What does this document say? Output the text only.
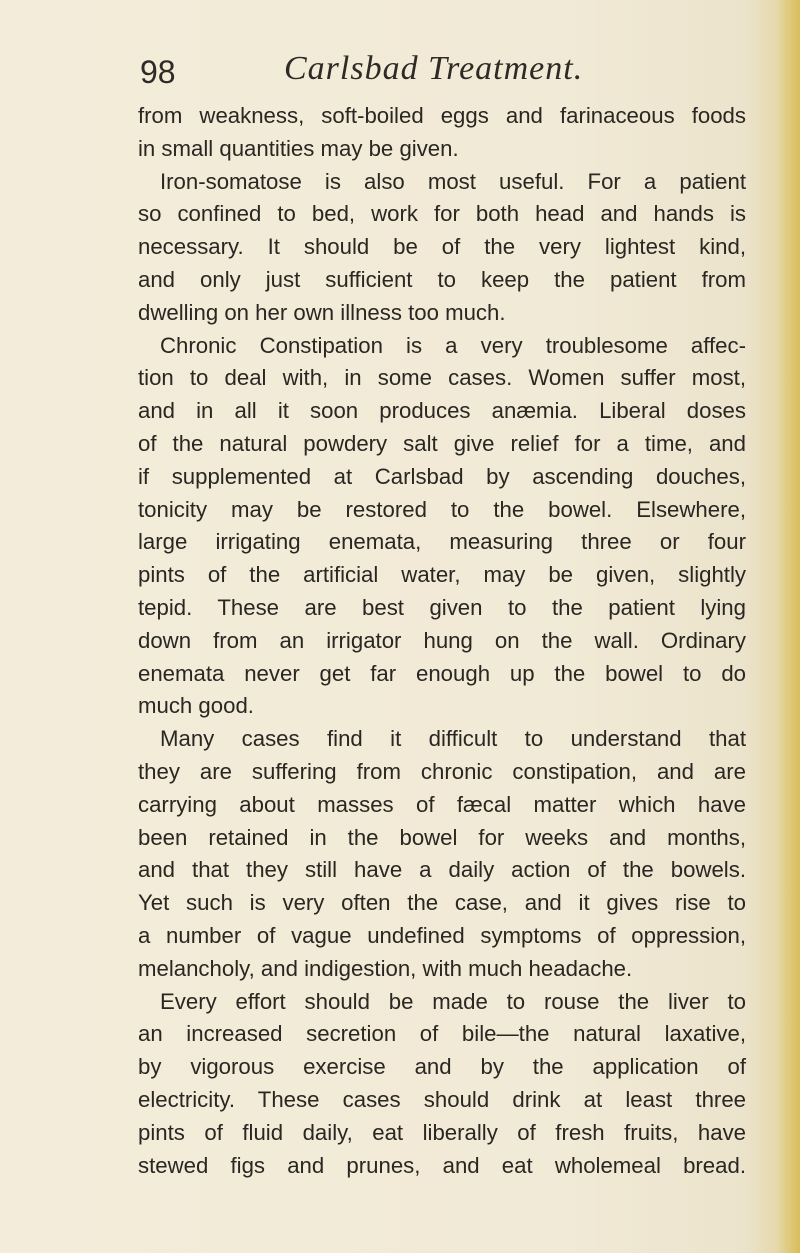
98	Carlsbad Treatment.
from weakness, soft-boiled eggs and farinaceous foods
in small quantities may be given.
Iron-somatose is also most useful. For a patient
so confined to bed, work for both head and hands is
necessary. It should be of the very lightest kind,
and only just sufficient to keep the patient from
dwelling on her own illness too much.
Chronic Constipation is a very troublesome affec-
tion to deal with, in some cases. Women suffer most,
and in all it soon produces anæmia. Liberal doses
of the natural powdery salt give relief for a time, and
if supplemented at Carlsbad by ascending douches,
tonicity may be restored to the bowel. Elsewhere,
large irrigating enemata, measuring three or four
pints of the artificial water, may be given, slightly
tepid. These are best given to the patient lying
down from an irrigator hung on the wall. Ordinary
enemata never get far enough up the bowel to do
much good.
Many cases find it difficult to understand that
they are suffering from chronic constipation, and are
carrying about masses of fæcal matter which have
been retained in the bowel for weeks and months,
and that they still have a daily action of the bowels.
Yet such is very often the case, and it gives rise to
a number of vague undefined symptoms of oppression,
melancholy, and indigestion, with much headache.
Every effort should be made to rouse the liver to
an increased secretion of bile—the natural laxative,
by vigorous exercise and by the application of
electricity. These cases should drink at least three
pints of fluid daily, eat liberally of fresh fruits, have
stewed figs and prunes, and eat wholemeal bread.
